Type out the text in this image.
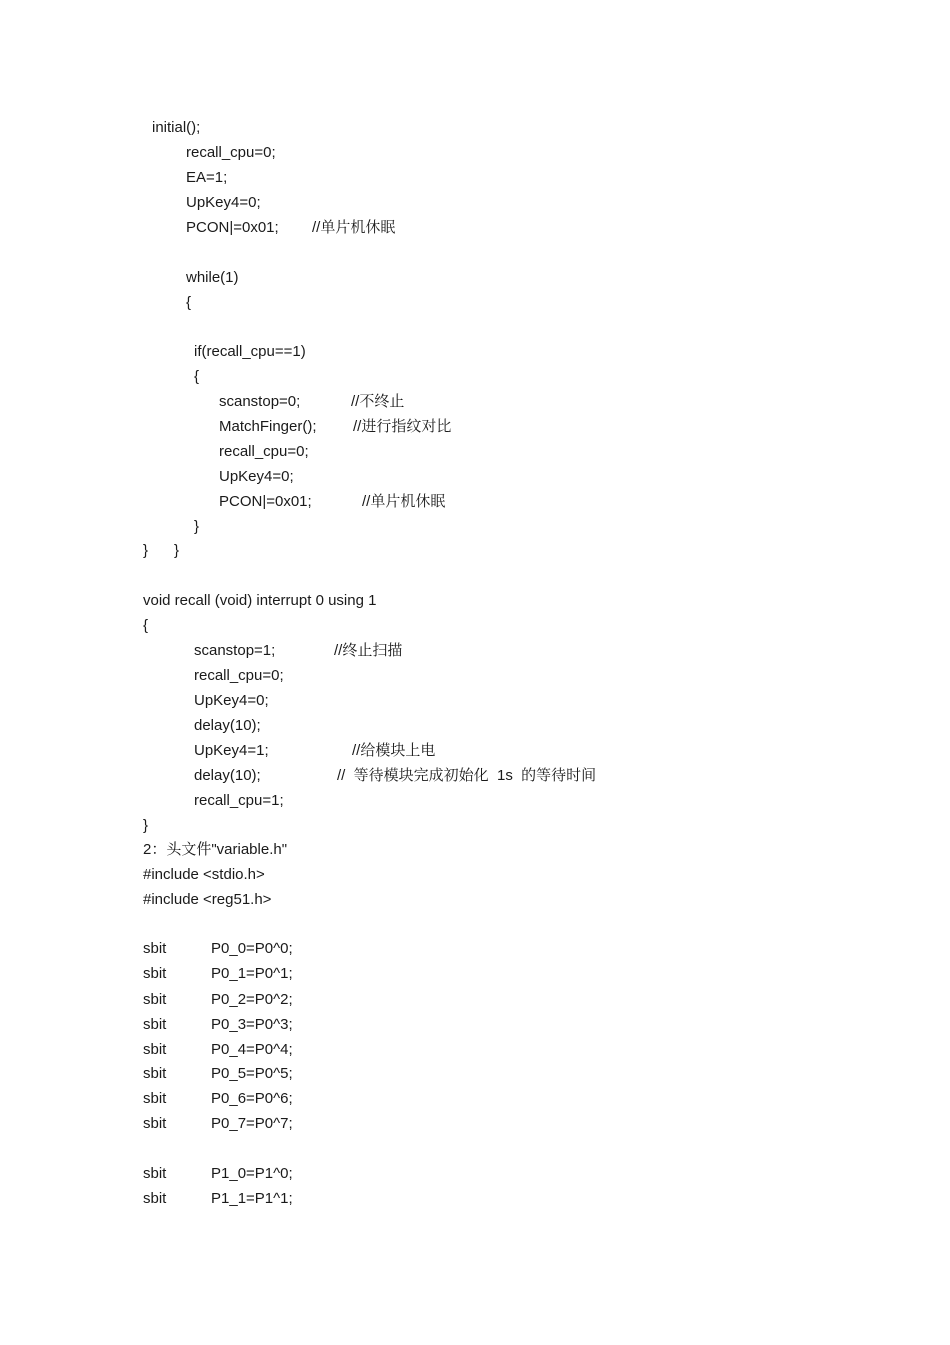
initial();
recall_cpu=0;
EA=1;
UpKey4=0;
PCON|=0x01; //单片机休眠
while(1)
{
if(recall_cpu==1)
{
scanstop=0;	//不终止
MatchFinger(); //进行指纹对比
recall_cpu=0;
UpKey4=0;
PCON|=0x01;	//单片机休眠
}
} }
void recall (void) interrupt 0 using 1
{
scanstop=1;	//终止扫描
recall_cpu=0;
UpKey4=0;
delay(10);
UpKey4=1;	//给模块上电
delay(10);	//  等待模块完成初始化  1s  的等待时间
recall_cpu=1;
}
2：头文件"variable.h"
#include <stdio.h>
#include <reg51.h>
sbit	P0_0=P0^0;
sbit	P0_1=P0^1;
sbit	P0_2=P0^2;
sbit	P0_3=P0^3;
sbit	P0_4=P0^4;
sbit	P0_5=P0^5;
sbit	P0_6=P0^6;
sbit	P0_7=P0^7;
sbit	P1_0=P1^0;
sbit	P1_1=P1^1;
